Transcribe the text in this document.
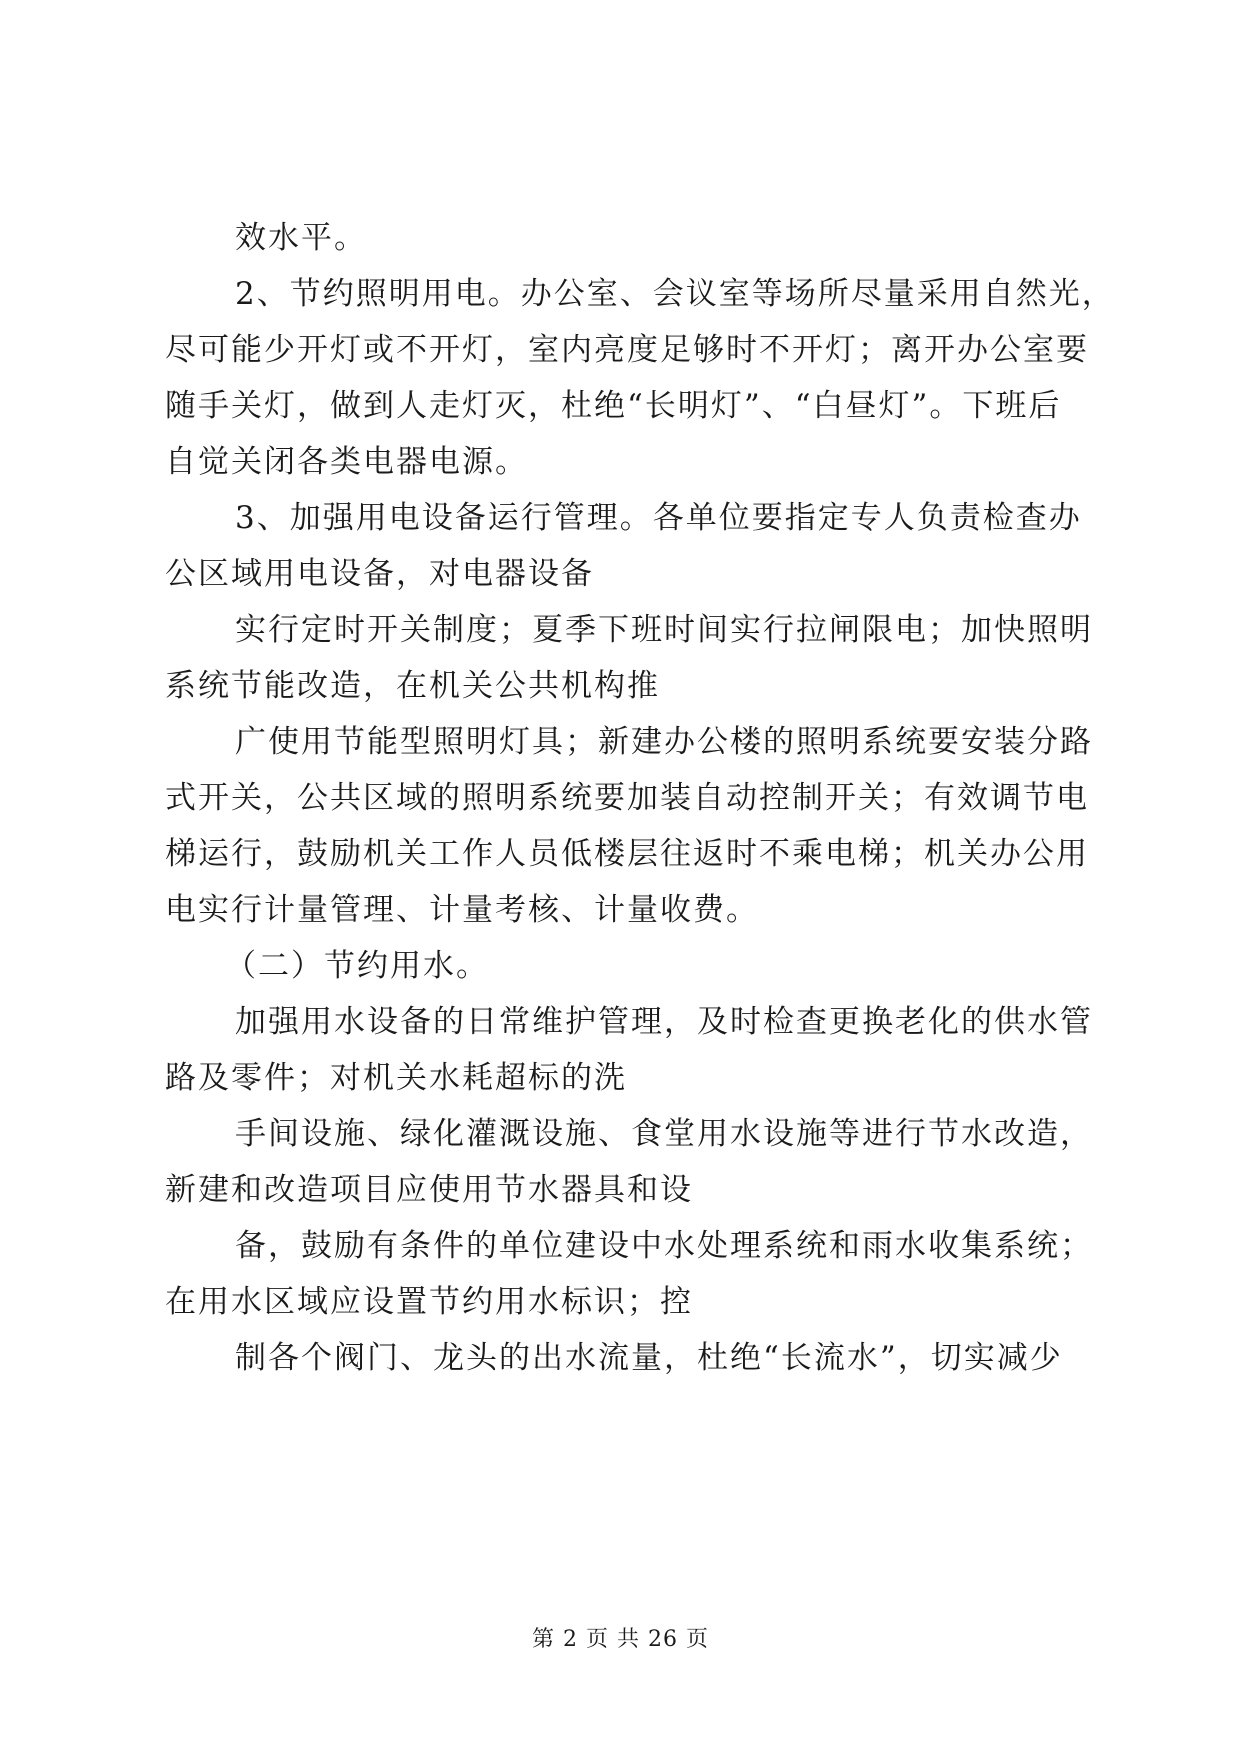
效水平。
2、节约照明用电。办公室、会议室等场所尽量采用自然光，
尽可能少开灯或不开灯，室内亮度足够时不开灯；离开办公室要
随手关灯，做到人走灯灭，杜绝“长明灯”、“白昼灯”。下班后
自觉关闭各类电器电源。
3、加强用电设备运行管理。各单位要指定专人负责检查办
公区域用电设备，对电器设备
实行定时开关制度；夏季下班时间实行拉闸限电；加快照明
系统节能改造，在机关公共机构推
广使用节能型照明灯具；新建办公楼的照明系统要安装分路
式开关，公共区域的照明系统要加装自动控制开关；有效调节电
梯运行，鼓励机关工作人员低楼层往返时不乘电梯；机关办公用
电实行计量管理、计量考核、计量收费。
（二）节约用水。
加强用水设备的日常维护管理，及时检查更换老化的供水管
路及零件；对机关水耗超标的洗
手间设施、绿化灌溉设施、食堂用水设施等进行节水改造，
新建和改造项目应使用节水器具和设
备，鼓励有条件的单位建设中水处理系统和雨水收集系统；
在用水区域应设置节约用水标识；控
制各个阀门、龙头的出水流量，杜绝“长流水”，切实减少
第 2 页 共 26 页
